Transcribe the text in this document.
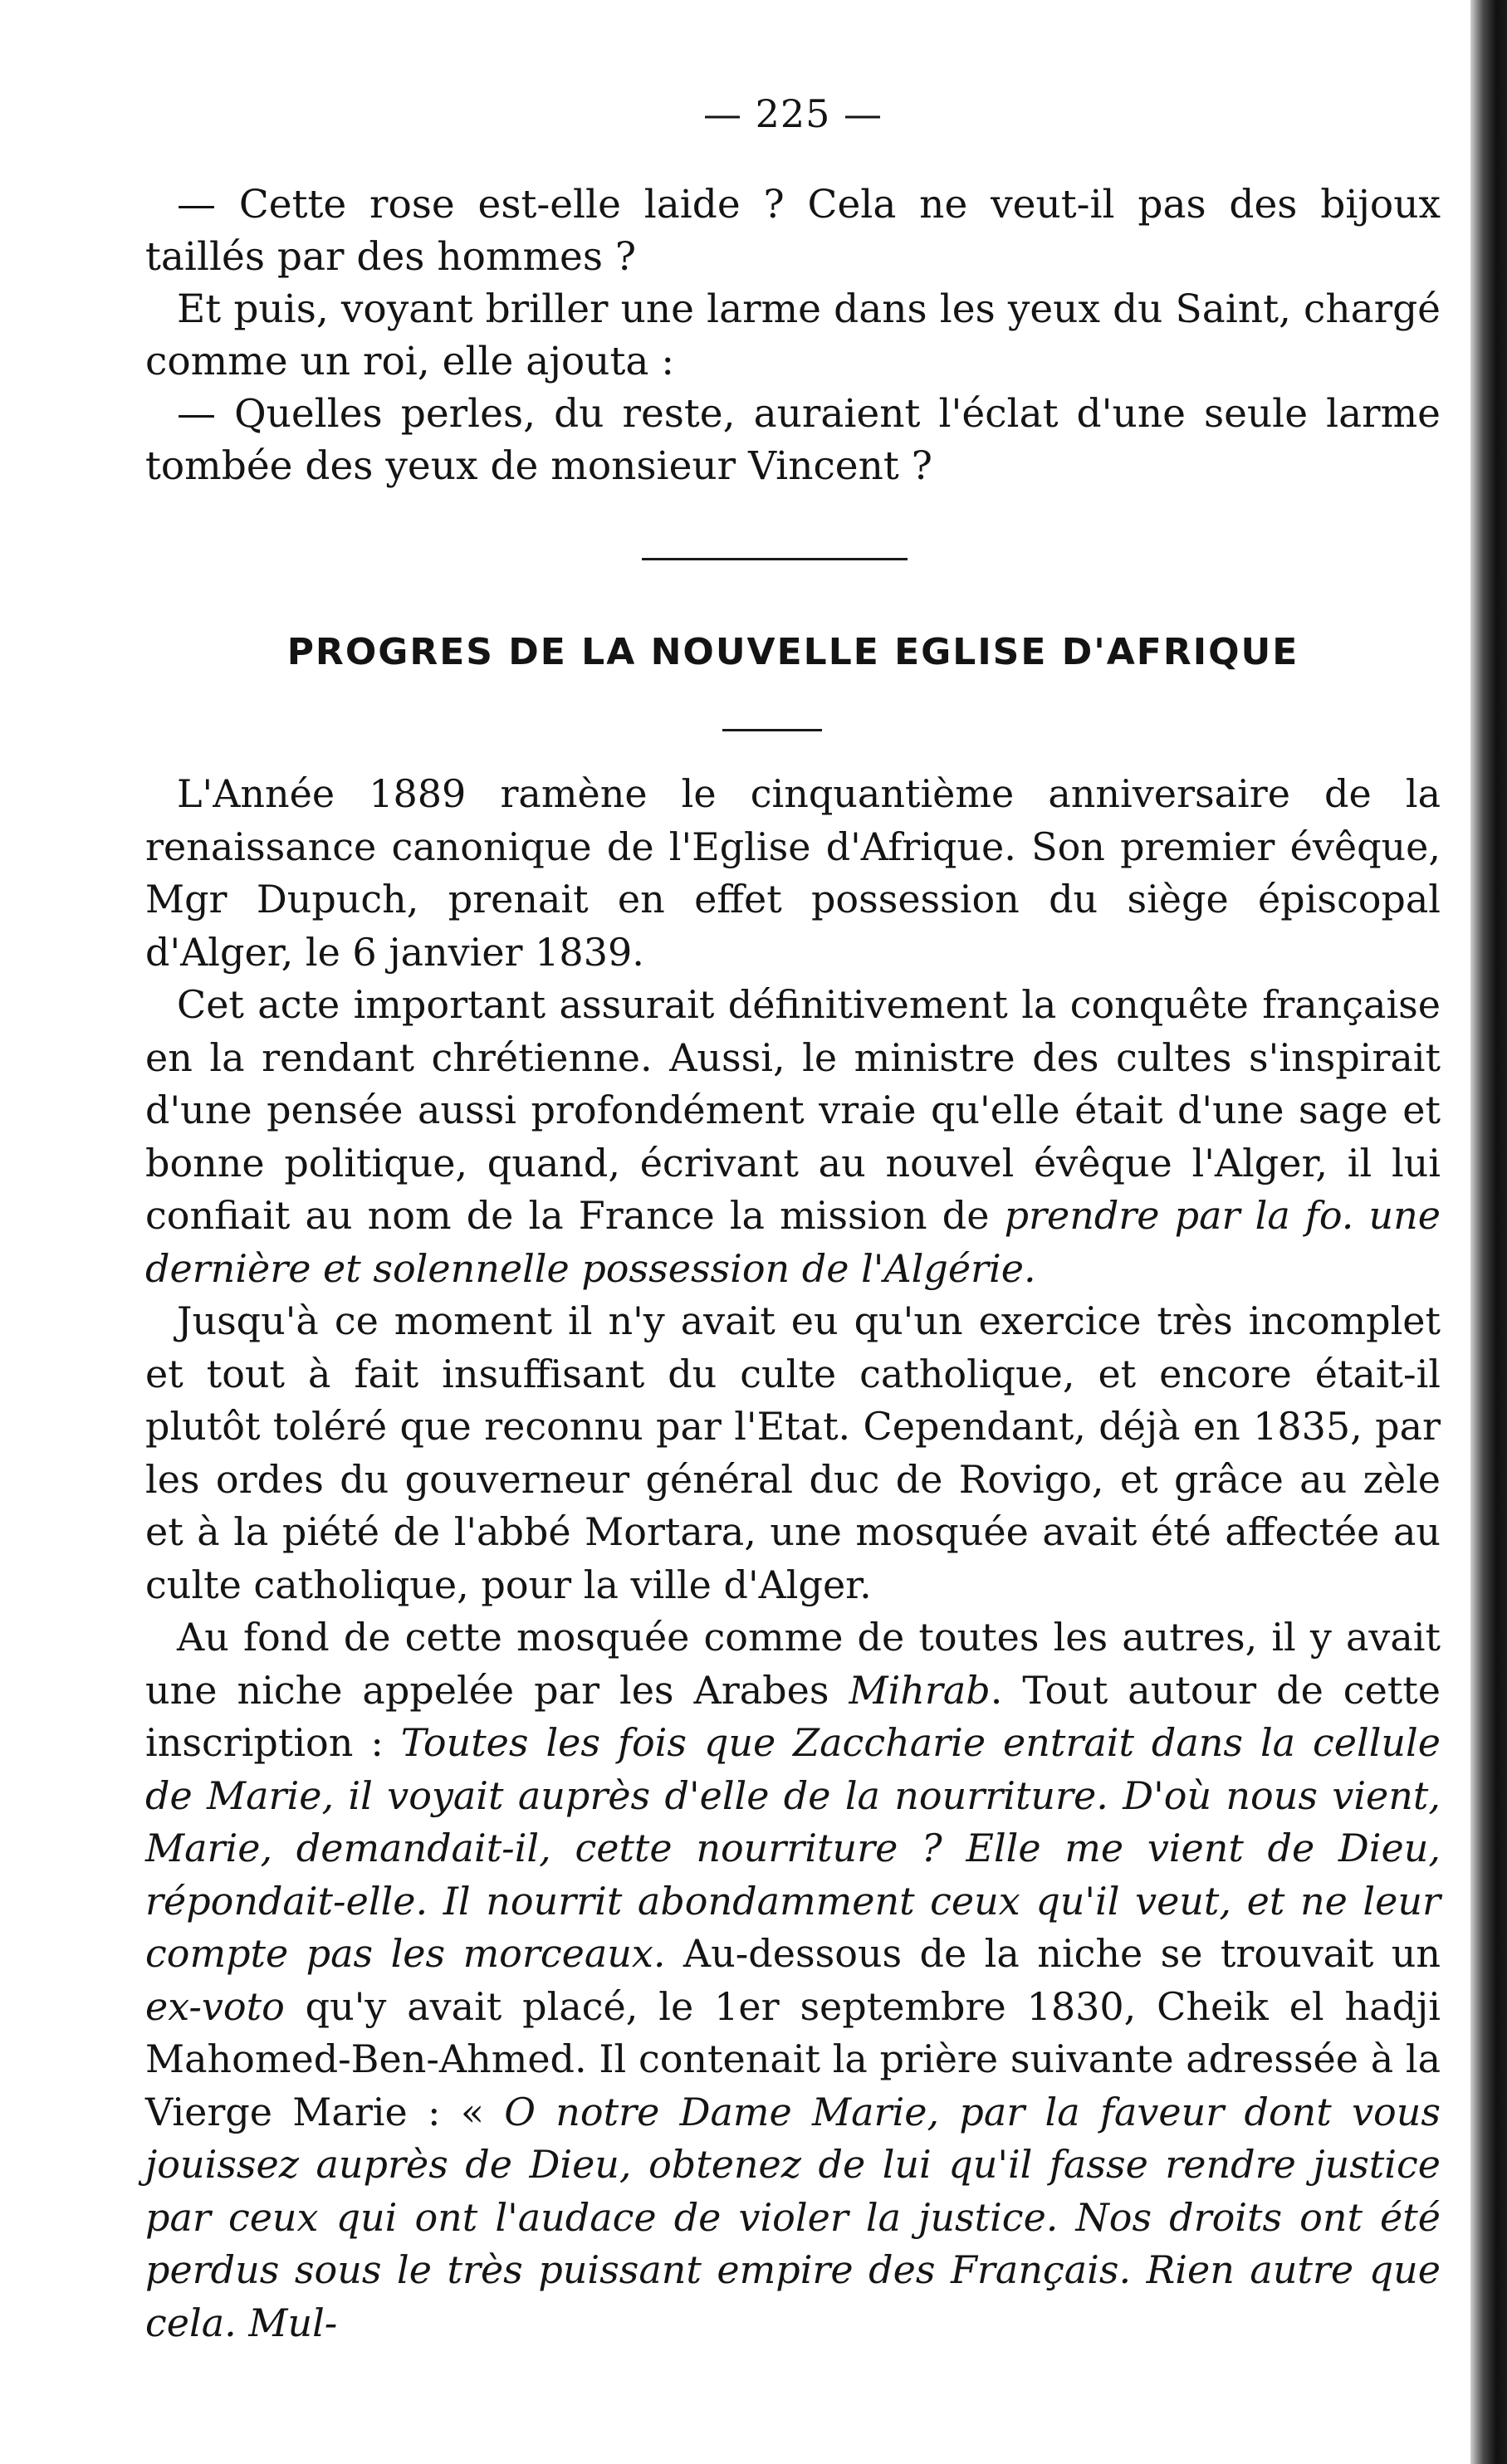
— 225 —

— Cette rose est-elle laide ? Cela ne veut-il pas des bijoux taillés par des hommes ?

Et puis, voyant briller une larme dans les yeux du Saint, chargé comme un roi, elle ajouta :

— Quelles perles, du reste, auraient l'éclat d'une seule larme tombée des yeux de monsieur Vincent ?

PROGRES DE LA NOUVELLE EGLISE D'AFRIQUE

L'Année 1889 ramène le cinquantième anniversaire de la renaissance canonique de l'Eglise d'Afrique. Son premier évêque, Mgr Dupuch, prenait en effet possession du siège épiscopal d'Alger, le 6 janvier 1839.

Cet acte important assurait définitivement la conquête française en la rendant chrétienne. Aussi, le ministre des cultes s'inspirait d'une pensée aussi profondément vraie qu'elle était d'une sage et bonne politique, quand, écrivant au nouvel évêque l'Alger, il lui confiait au nom de la France la mission de prendre par la fo. une dernière et solennelle possession de l'Algérie.

Jusqu'à ce moment il n'y avait eu qu'un exercice très incomplet et tout à fait insuffisant du culte catholique, et encore était-il plutôt toléré que reconnu par l'Etat. Cependant, déjà en 1835, par les ordes du gouverneur général duc de Rovigo, et grâce au zèle et à la piété de l'abbé Mortara, une mosquée avait été affectée au culte catholique, pour la ville d'Alger.

Au fond de cette mosquée comme de toutes les autres, il y avait une niche appelée par les Arabes Mihrab. Tout autour de cette inscription : Toutes les fois que Zaccharie entrait dans la cellule de Marie, il voyait auprès d'elle de la nourriture. D'où nous vient, Marie, demandait-il, cette nourriture ? Elle me vient de Dieu, répondait-elle. Il nourrit abondamment ceux qu'il veut, et ne leur compte pas les morceaux. Au-dessous de la niche se trouvait un ex-voto qu'y avait placé, le 1er septembre 1830, Cheik el hadji Mahomed-Ben-Ahmed. Il contenait la prière suivante adressée à la Vierge Marie : « O notre Dame Marie, par la faveur dont vous jouissez auprès de Dieu, obtenez de lui qu'il fasse rendre justice par ceux qui ont l'audace de violer la justice. Nos droits ont été perdus sous le très puissant empire des Français. Rien autre que cela. Mul-
